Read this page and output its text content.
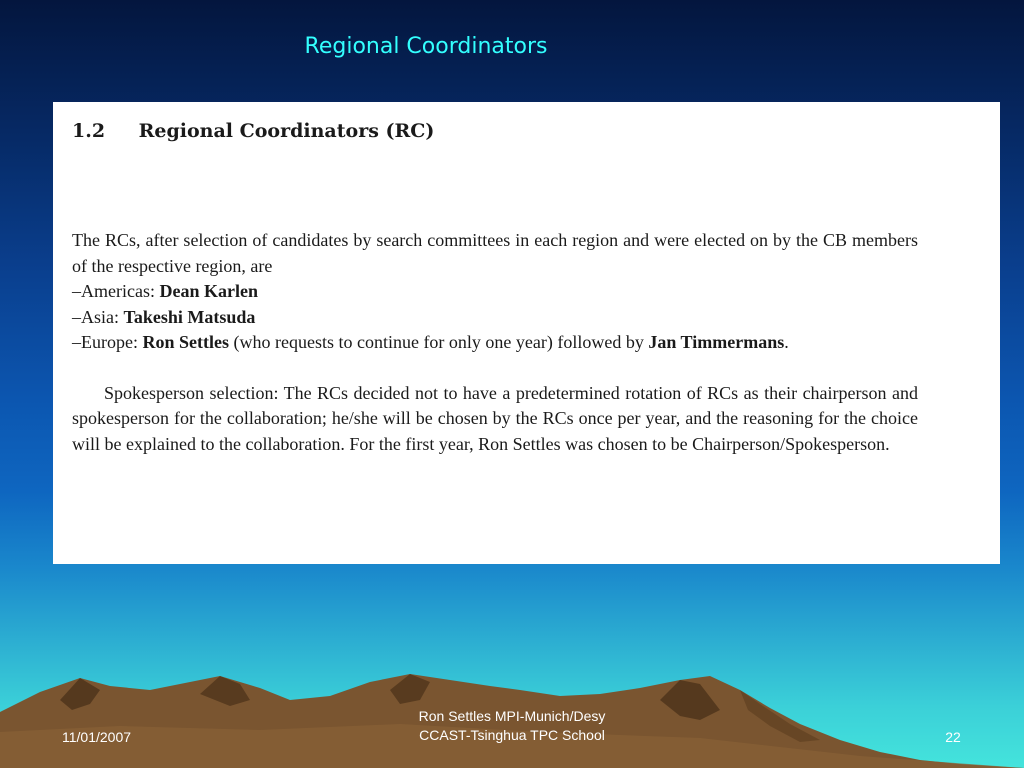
Regional Coordinators
1.2 Regional Coordinators (RC)
The RCs, after selection of candidates by search committees in each region and were elected on by the CB members of the respective region, are
–Americas: Dean Karlen
–Asia: Takeshi Matsuda
–Europe: Ron Settles (who requests to continue for only one year) followed by Jan Timmermans.
Spokesperson selection: The RCs decided not to have a predetermined rotation of RCs as their chairperson and spokesperson for the collaboration; he/she will be chosen by the RCs once per year, and the reasoning for the choice will be explained to the collaboration. For the first year, Ron Settles was chosen to be Chairperson/Spokesperson.
11/01/2007
Ron Settles MPI-Munich/Desy
CCAST-Tsinghua TPC School	22
